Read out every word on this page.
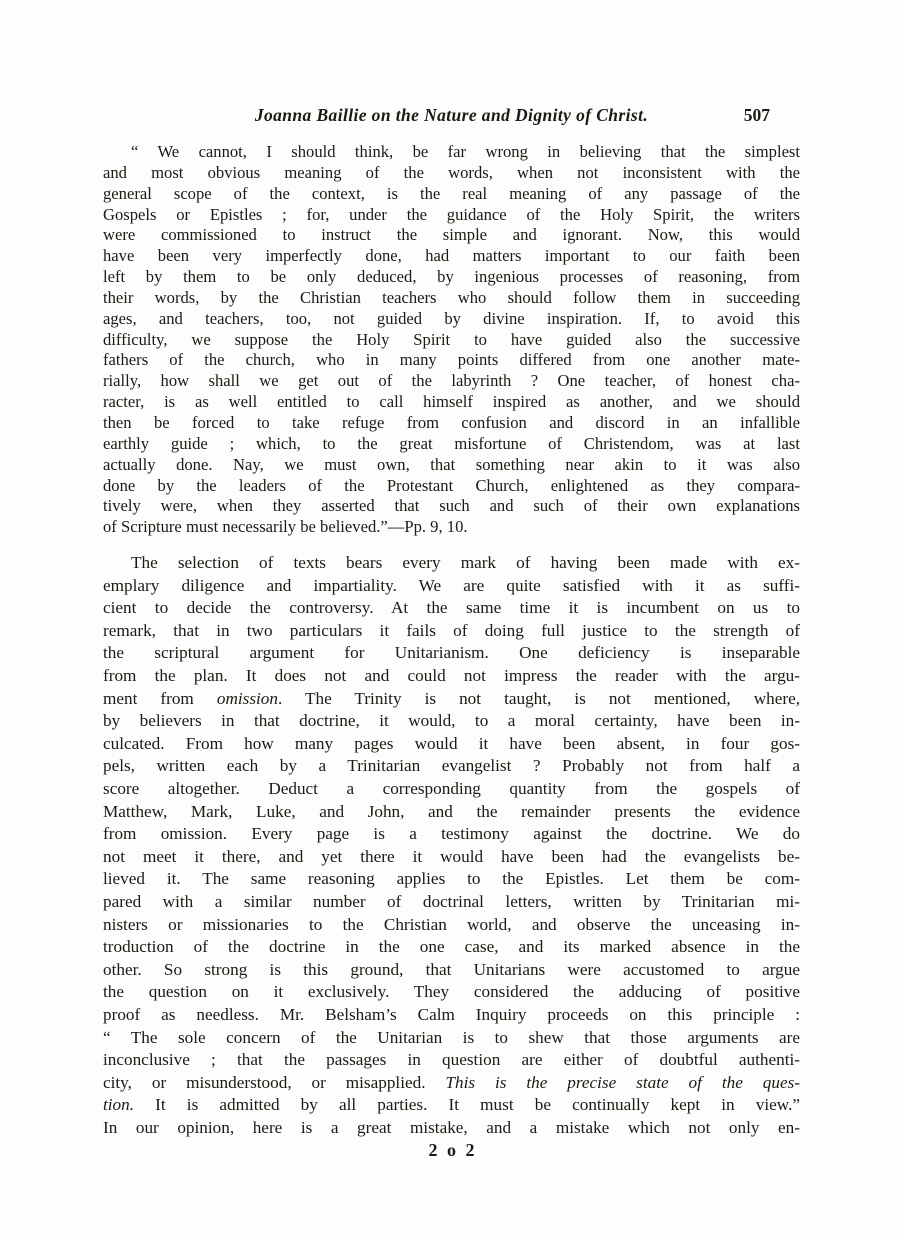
Joanna Baillie on the Nature and Dignity of Christ.	507
“ We cannot, I should think, be far wrong in believing that the simplest
and most obvious meaning of the words, when not inconsistent with the
general scope of the context, is the real meaning of any passage of the
Gospels or Epistles ; for, under the guidance of the Holy Spirit, the writers
were commissioned to instruct the simple and ignorant. Now, this would
have been very imperfectly done, had matters important to our faith been
left by them to be only deduced, by ingenious processes of reasoning, from
their words, by the Christian teachers who should follow them in succeeding
ages, and teachers, too, not guided by divine inspiration. If, to avoid this
difficulty, we suppose the Holy Spirit to have guided also the successive
fathers of the church, who in many points differed from one another mate-
rially, how shall we get out of the labyrinth ? One teacher, of honest cha-
racter, is as well entitled to call himself inspired as another, and we should
then be forced to take refuge from confusion and discord in an infallible
earthly guide ; which, to the great misfortune of Christendom, was at last
actually done. Nay, we must own, that something near akin to it was also
done by the leaders of the Protestant Church, enlightened as they compara-
tively were, when they asserted that such and such of their own explanations
of Scripture must necessarily be believed.”—Pp. 9, 10.
The selection of texts bears every mark of having been made with ex-
emplary diligence and impartiality. We are quite satisfied with it as suffi-
cient to decide the controversy. At the same time it is incumbent on us to
remark, that in two particulars it fails of doing full justice to the strength of
the scriptural argument for Unitarianism. One deficiency is inseparable
from the plan. It does not and could not impress the reader with the argu-
ment from omission. The Trinity is not taught, is not mentioned, where,
by believers in that doctrine, it would, to a moral certainty, have been in-
culcated. From how many pages would it have been absent, in four gos-
pels, written each by a Trinitarian evangelist ? Probably not from half a
score altogether. Deduct a corresponding quantity from the gospels of
Matthew, Mark, Luke, and John, and the remainder presents the evidence
from omission. Every page is a testimony against the doctrine. We do
not meet it there, and yet there it would have been had the evangelists be-
lieved it. The same reasoning applies to the Epistles. Let them be com-
pared with a similar number of doctrinal letters, written by Trinitarian mi-
nisters or missionaries to the Christian world, and observe the unceasing in-
troduction of the doctrine in the one case, and its marked absence in the
other. So strong is this ground, that Unitarians were accustomed to argue
the question on it exclusively. They considered the adducing of positive
proof as needless. Mr. Belsham’s Calm Inquiry proceeds on this principle :
“ The sole concern of the Unitarian is to shew that those arguments are
inconclusive ; that the passages in question are either of doubtful authenti-
city, or misunderstood, or misapplied. This is the precise state of the ques-
tion. It is admitted by all parties. It must be continually kept in view.”
In our opinion, here is a great mistake, and a mistake which not only en-
2 o 2
